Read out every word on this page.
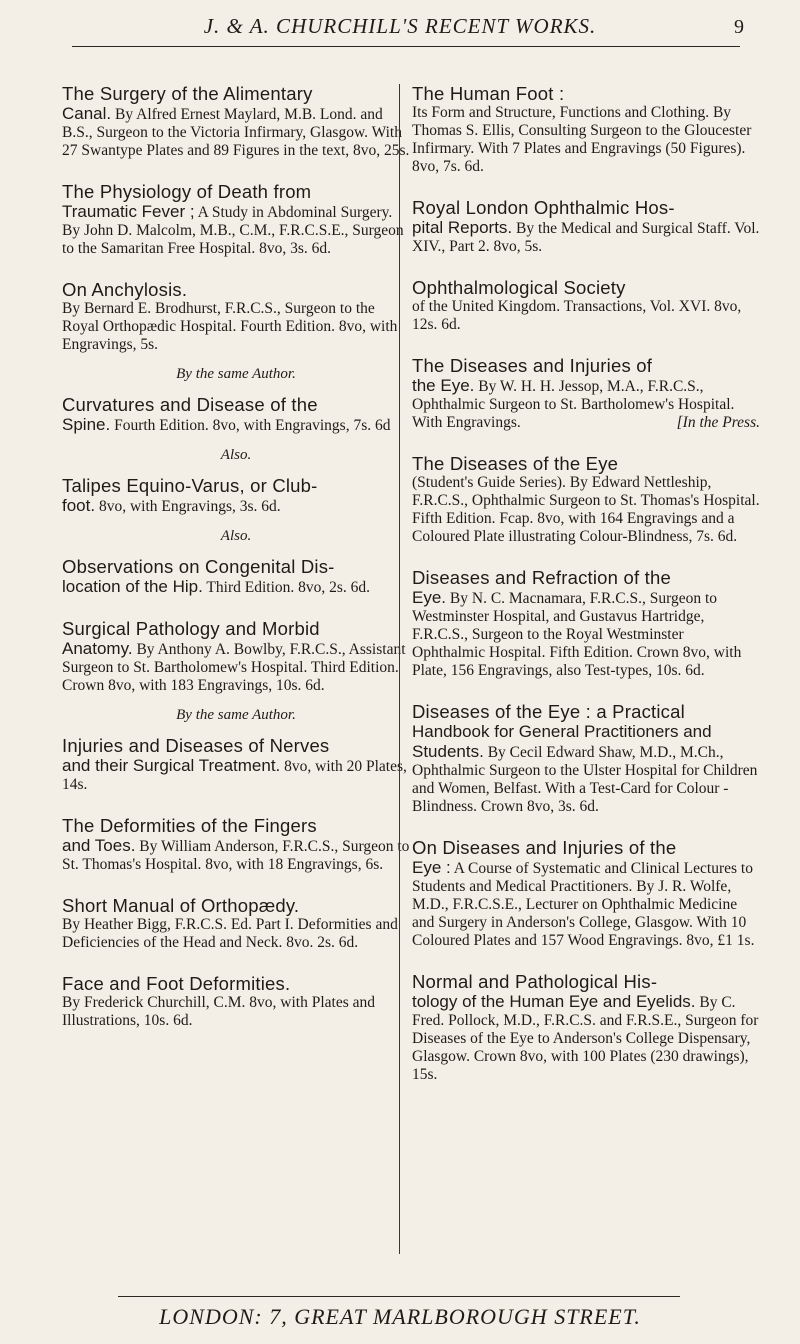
J. & A. CHURCHILL'S RECENT WORKS.	9
The Surgery of the Alimentary
Canal. By Alfred Ernest Maylard, M.B. Lond. and B.S., Surgeon to the Victoria Infirmary, Glasgow. With 27 Swantype Plates and 89 Figures in the text, 8vo, 25s.
The Physiology of Death from
Traumatic Fever ; A Study in Abdominal Surgery. By John D. Malcolm, M.B., C.M., F.R.C.S.E., Surgeon to the Samaritan Free Hospital. 8vo, 3s. 6d.
On Anchylosis.
By Bernard E. Brodhurst, F.R.C.S., Surgeon to the Royal Orthopædic Hospital. Fourth Edition. 8vo, with Engravings, 5s.
By the same Author.
Curvatures and Disease of the
Spine. Fourth Edition. 8vo, with Engravings, 7s. 6d
Also.
Talipes Equino-Varus, or Club-
foot. 8vo, with Engravings, 3s. 6d.
Also.
Observations on Congenital Dis-
location of the Hip. Third Edition. 8vo, 2s. 6d.
Surgical Pathology and Morbid
Anatomy. By Anthony A. Bowlby, F.R.C.S., Assistant Surgeon to St. Bartholomew's Hospital. Third Edition. Crown 8vo, with 183 Engravings, 10s. 6d.
By the same Author.
Injuries and Diseases of Nerves
and their Surgical Treatment. 8vo, with 20 Plates, 14s.
The Deformities of the Fingers
and Toes. By William Anderson, F.R.C.S., Surgeon to St. Thomas's Hospital. 8vo, with 18 Engravings, 6s.
Short Manual of Orthopædy.
By Heather Bigg, F.R.C.S. Ed. Part I. Deformities and Deficiencies of the Head and Neck. 8vo. 2s. 6d.
Face and Foot Deformities.
By Frederick Churchill, C.M. 8vo, with Plates and Illustrations, 10s. 6d.
The Human Foot :
Its Form and Structure, Functions and Clothing. By Thomas S. Ellis, Consulting Surgeon to the Gloucester Infirmary. With 7 Plates and Engravings (50 Figures). 8vo, 7s. 6d.
Royal London Ophthalmic Hos-
pital Reports. By the Medical and Surgical Staff. Vol. XIV., Part 2. 8vo, 5s.
Ophthalmological Society
of the United Kingdom. Transactions, Vol. XVI. 8vo, 12s. 6d.
The Diseases and Injuries of
the Eye. By W. H. H. Jessop, M.A., F.R.C.S., Ophthalmic Surgeon to St. Bartholomew's Hospital. With Engravings.	[In the Press.
The Diseases of the Eye
(Student's Guide Series). By Edward Nettleship, F.R.C.S., Ophthalmic Surgeon to St. Thomas's Hospital. Fifth Edition. Fcap. 8vo, with 164 Engravings and a Coloured Plate illustrating Colour-Blindness, 7s. 6d.
Diseases and Refraction of the
Eye. By N. C. Macnamara, F.R.C.S., Surgeon to Westminster Hospital, and Gustavus Hartridge, F.R.C.S., Surgeon to the Royal Westminster Ophthalmic Hospital. Fifth Edition. Crown 8vo, with Plate, 156 Engravings, also Test-types, 10s. 6d.
Diseases of the Eye : a Practical
Handbook for General Practitioners and Students. By Cecil Edward Shaw, M.D., M.Ch., Ophthalmic Surgeon to the Ulster Hospital for Children and Women, Belfast. With a Test-Card for Colour - Blindness. Crown 8vo, 3s. 6d.
On Diseases and Injuries of the
Eye : A Course of Systematic and Clinical Lectures to Students and Medical Practitioners. By J. R. Wolfe, M.D., F.R.C.S.E., Lecturer on Ophthalmic Medicine and Surgery in Anderson's College, Glasgow. With 10 Coloured Plates and 157 Wood Engravings. 8vo, £1 1s.
Normal and Pathological His-
tology of the Human Eye and Eyelids. By C. Fred. Pollock, M.D., F.R.C.S. and F.R.S.E., Surgeon for Diseases of the Eye to Anderson's College Dispensary, Glasgow. Crown 8vo, with 100 Plates (230 drawings), 15s.
LONDON: 7, GREAT MARLBOROUGH STREET.
